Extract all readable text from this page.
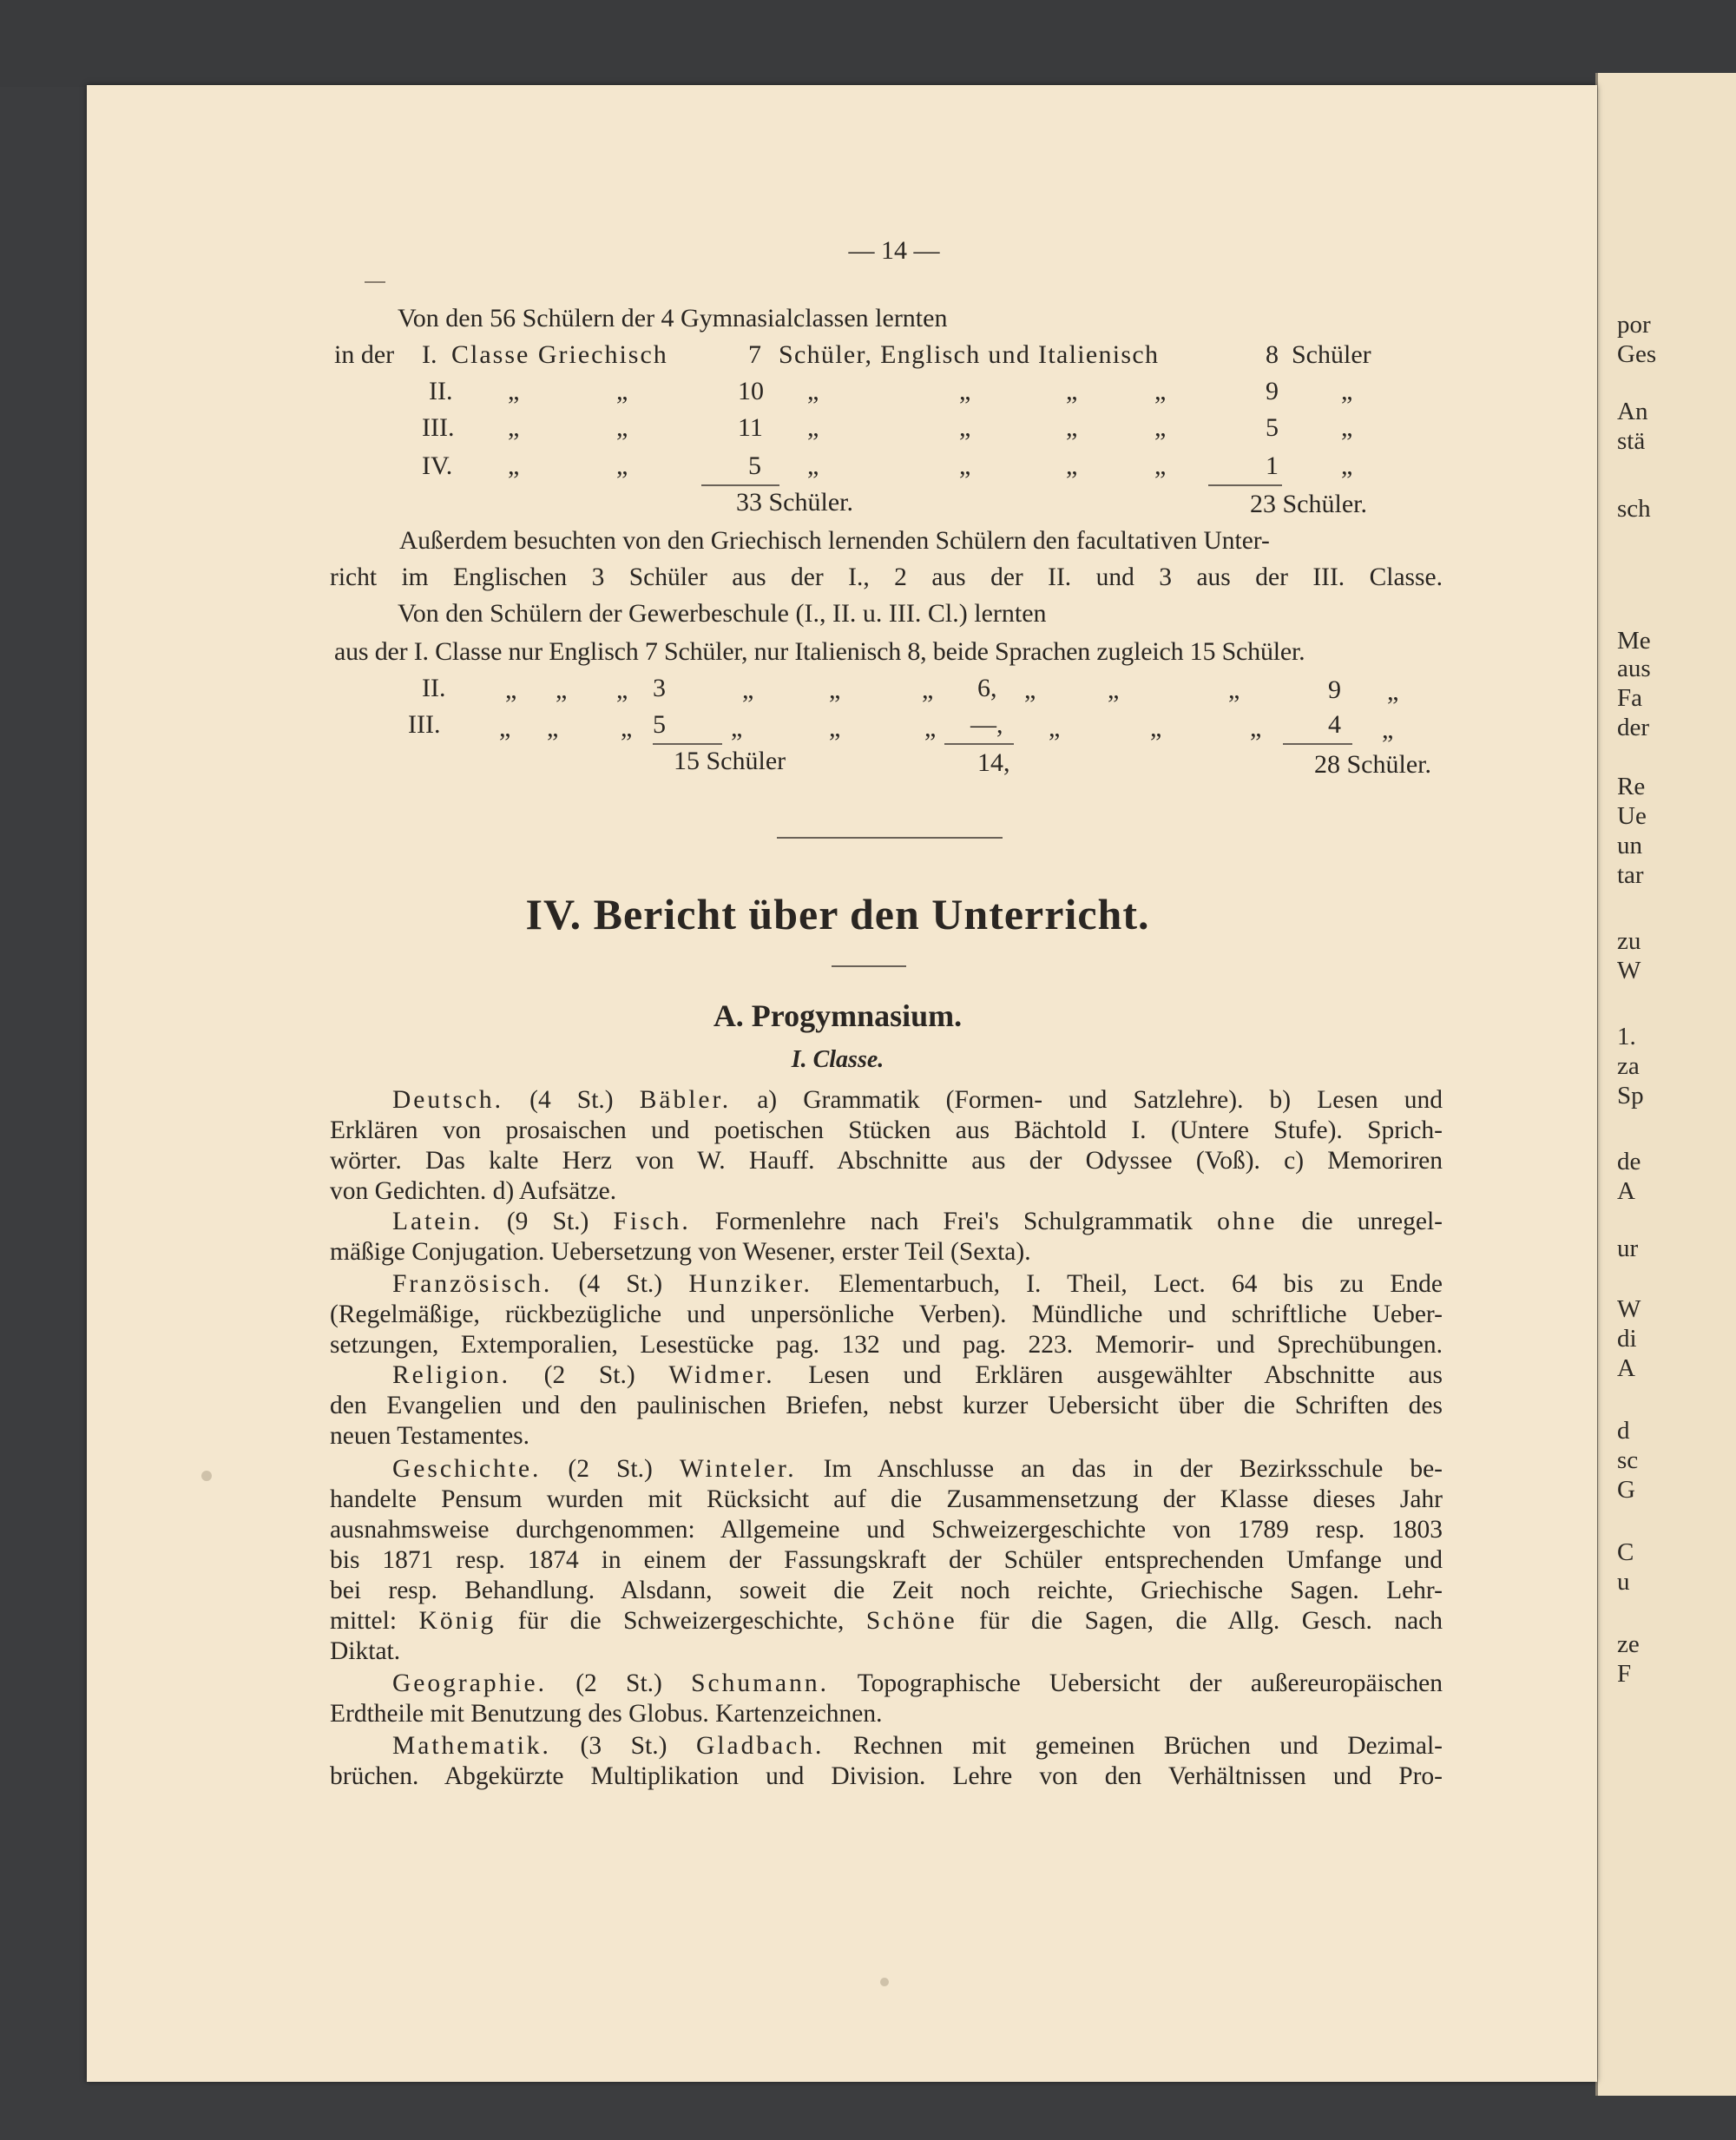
por
Ges
An
stä
sch
Me
aus
Fa
der
Re
Ue
un
tar
zu
W
1.
za
Sp
de
A
ur
W
di
A
d
sc
G
C
u
ze
F
— 14 —
Von den 56 Schülern der 4 Gymnasialclassen lernten
in der I. Classe Griechisch	7 Schüler, Englisch und Italienisch	8 Schüler
II. „	„	10 „	„	„	„	9 „
III. „	„	11 „	„	„	„	5 „
IV. „	„	5 „	„	„	„	1 „
33 Schüler.	23 Schüler.
Außerdem besuchten von den Griechisch lernenden Schülern den facultativen Unter-
richt im Englischen 3 Schüler aus der I., 2 aus der II. und 3 aus der III. Classe.
Von den Schülern der Gewerbeschule (I., II. u. III. Cl.) lernten
aus der I. Classe nur Englisch 7 Schüler, nur Italienisch 8, beide Sprachen zugleich 15 Schüler.
II. „ „ „ 3	„	„	„ 6, „	„	„	9 „
III. „ „ „ 5	„	„	„ —, „	„	„	4 „
15 Schüler	14,	28 Schüler.
IV. Bericht über den Unterricht.
A. Progymnasium.
I. Classe.
Deutsch. (4 St.) Bäbler. a) Grammatik (Formen- und Satzlehre). b) Lesen und
Erklären von prosaischen und poetischen Stücken aus Bächtold I. (Untere Stufe). Sprich-
wörter. Das kalte Herz von W. Hauff. Abschnitte aus der Odyssee (Voß). c) Memoriren
von Gedichten. d) Aufsätze.
Latein. (9 St.) Fisch. Formenlehre nach Frei's Schulgrammatik ohne die unregel-
mäßige Conjugation. Uebersetzung von Wesener, erster Teil (Sexta).
Französisch. (4 St.) Hunziker. Elementarbuch, I. Theil, Lect. 64 bis zu Ende
(Regelmäßige, rückbezügliche und unpersönliche Verben). Mündliche und schriftliche Ueber-
setzungen, Extemporalien, Lesestücke pag. 132 und pag. 223. Memorir- und Sprechübungen.
Religion. (2 St.) Widmer. Lesen und Erklären ausgewählter Abschnitte aus
den Evangelien und den paulinischen Briefen, nebst kurzer Uebersicht über die Schriften des
neuen Testamentes.
Geschichte. (2 St.) Winteler. Im Anschlusse an das in der Bezirksschule be-
handelte Pensum wurden mit Rücksicht auf die Zusammensetzung der Klasse dieses Jahr
ausnahmsweise durchgenommen: Allgemeine und Schweizergeschichte von 1789 resp. 1803
bis 1871 resp. 1874 in einem der Fassungskraft der Schüler entsprechenden Umfange und
bei resp. Behandlung. Alsdann, soweit die Zeit noch reichte, Griechische Sagen. Lehr-
mittel: König für die Schweizergeschichte, Schöne für die Sagen, die Allg. Gesch. nach
Diktat.
Geographie. (2 St.) Schumann. Topographische Uebersicht der außereuropäischen
Erdtheile mit Benutzung des Globus. Kartenzeichnen.
Mathematik. (3 St.) Gladbach. Rechnen mit gemeinen Brüchen und Dezimal-
brüchen. Abgekürzte Multiplikation und Division. Lehre von den Verhältnissen und Pro-
